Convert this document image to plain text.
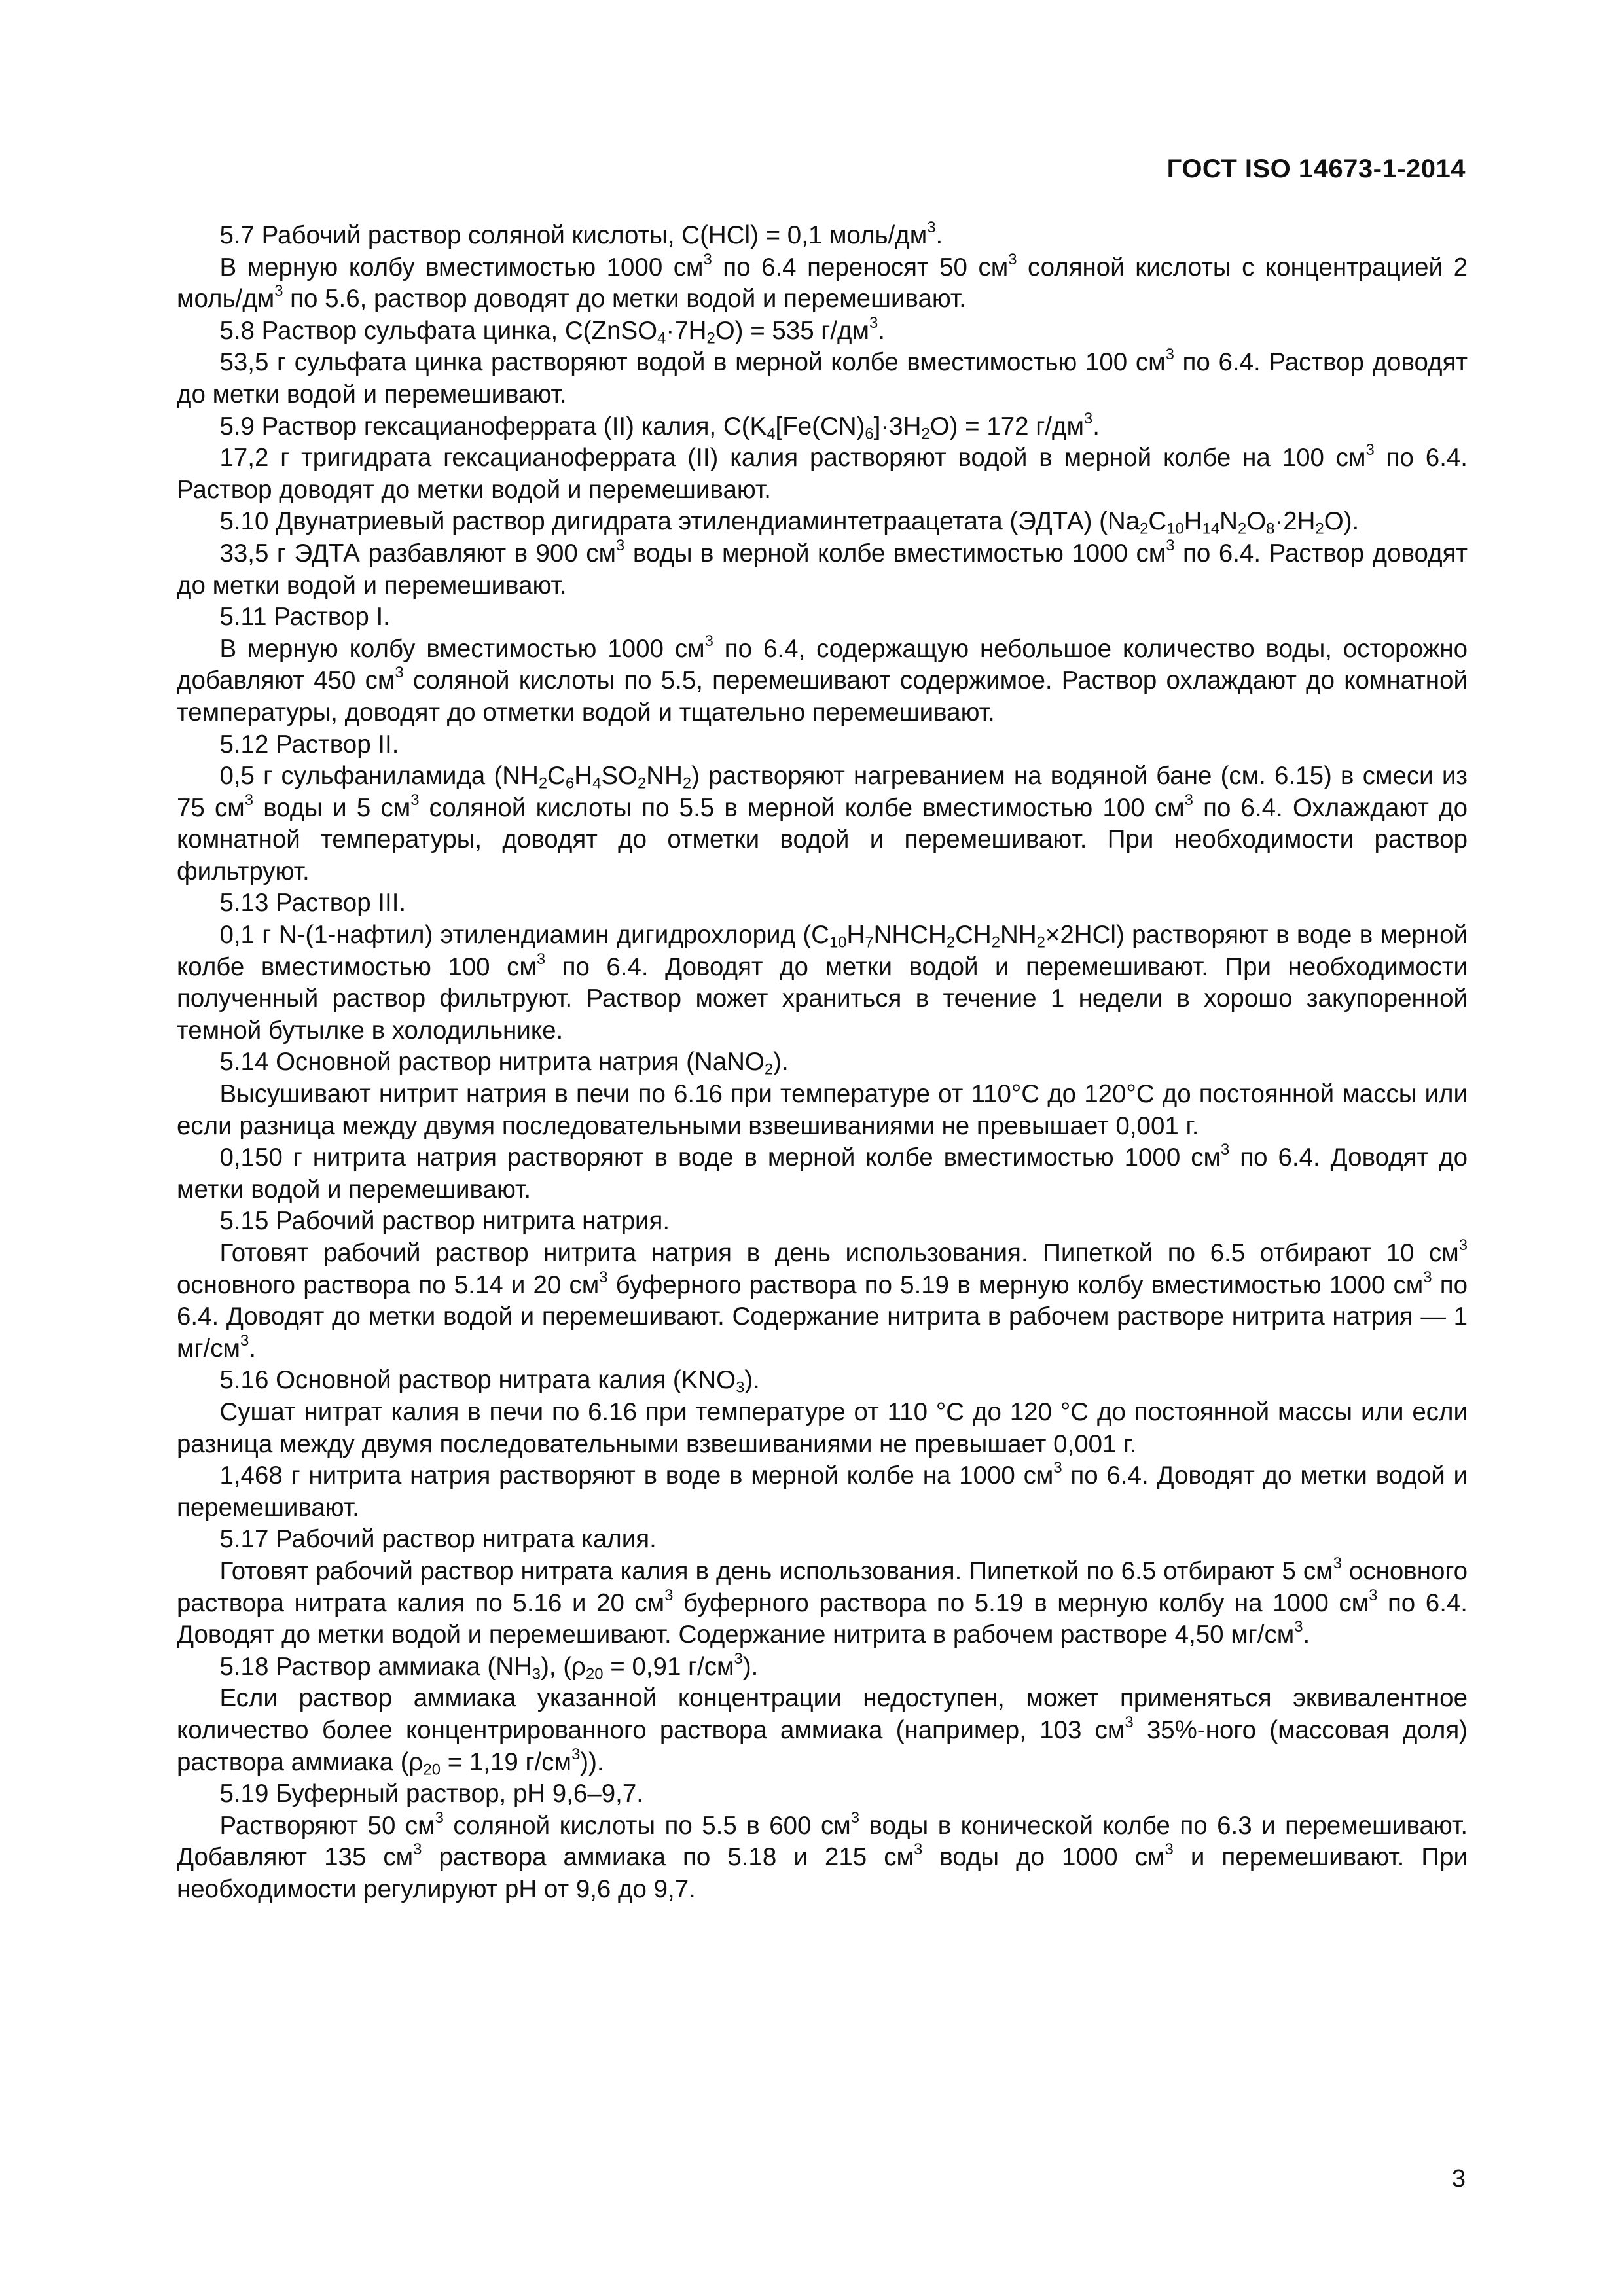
ГОСТ ISO 14673-1-2014

5.7 Рабочий раствор соляной кислоты, C(HCl) = 0,1 моль/$дм^3$.

В мерную колбу вместимостью 1000 $см^3$ по 6.4 переносят 50 $см^3$ соляной кислоты с концентрацией 2 моль/$дм^3$ по 5.6, раствор доводят до метки водой и перемешивают.

5.8 Раствор сульфата цинка, $C(ZnSO_4\cdot 7H_2O) = 535$ $г/дм^3$.

53,5 г сульфата цинка растворяют водой в мерной колбе вместимостью 100 $см^3$ по 6.4. Раствор доводят до метки водой и перемешивают.

5.9 Раствор гексацианоферрата (II) калия, $C(K_4[Fe(CN)_6]\cdot 3H_2O) = 172$ $г/дм^3$.

17,2 г тригидрата гексацианоферрата (II) калия растворяют водой в мерной колбе на 100 $см^3$ по 6.4. Раствор доводят до метки водой и перемешивают.

5.10 Двунатриевый раствор дигидрата этилендиаминтетраацетата (ЭДТА) $(Na_2C_{10}H_{14}N_2O_8\cdot 2H_2O)$.

33,5 г ЭДТА разбавляют в 900 $см^3$ воды в мерной колбе вместимостью 1000 $см^3$ по 6.4. Раствор доводят до метки водой и перемешивают.

5.11 Раствор I.

В мерную колбу вместимостью 1000 $см^3$ по 6.4, содержащую небольшое количество воды, осторожно добавляют 450 $см^3$ соляной кислоты по 5.5, перемешивают содержимое. Раствор охлаждают до комнатной температуры, доводят до отметки водой и тщательно перемешивают.

5.12 Раствор II.

0,5 г сульфаниламида $(NH_2C_6H_4SO_2NH_2)$ растворяют нагреванием на водяной бане (см. 6.15) в смеси из 75 $см^3$ воды и 5 $см^3$ соляной кислоты по 5.5 в мерной колбе вместимостью 100 $см^3$ по 6.4. Охлаждают до комнатной температуры, доводят до отметки водой и перемешивают. При необходимости раствор фильтруют.

5.13 Раствор III.

0,1 г N-(1-нафтил) этилендиамин дигидрохлорид $(C_{10}H_7NHCH_2CH_2NH_2\times 2HCl)$ растворяют в воде в мерной колбе вместимостью 100 $см^3$ по 6.4. Доводят до метки водой и перемешивают. При необходимости полученный раствор фильтруют. Раствор может храниться в течение 1 недели в хорошо закупоренной темной бутылке в холодильнике.

5.14 Основной раствор нитрита натрия (NaNO$_2$).

Высушивают нитрит натрия в печи по 6.16 при температуре от 110°С до 120°С до постоянной массы или если разница между двумя последовательными взвешиваниями не превышает 0,001 г.

0,150 г нитрита натрия растворяют в воде в мерной колбе вместимостью 1000 $см^3$ по 6.4. Доводят до метки водой и перемешивают.

5.15 Рабочий раствор нитрита натрия.

Готовят рабочий раствор нитрита натрия в день использования. Пипеткой по 6.5 отбирают 10 $см^3$ основного раствора по 5.14 и 20 $см^3$ буферного раствора по 5.19 в мерную колбу вместимостью 1000 $см^3$ по 6.4. Доводят до метки водой и перемешивают. Содержание нитрита в рабочем растворе нитрита натрия — 1 $мг/см^3$.

5.16 Основной раствор нитрата калия $(KNO_3)$.

Сушат нитрат калия в печи по 6.16 при температуре от 110 °С до 120 °С до постоянной массы или если разница между двумя последовательными взвешиваниями не превышает 0,001 г.

1,468 г нитрита натрия растворяют в воде в мерной колбе на 1000 $см^3$ по 6.4. Доводят до метки водой и перемешивают.

5.17 Рабочий раствор нитрата калия.

Готовят рабочий раствор нитрата калия в день использования. Пипеткой по 6.5 отбирают 5 $см^3$ основного раствора нитрата калия по 5.16 и 20 $см^3$ буферного раствора по 5.19 в мерную колбу на 1000 $см^3$ по 6.4. Доводят до метки водой и перемешивают. Содержание нитрита в рабочем растворе 4,50 $мг/см^3$.

5.18 Раствор аммиака $(NH_3)$, ($\rho_{20} = 0,91$ $г/см^3$).

Если раствор аммиака указанной концентрации недоступен, может применяться эквивалентное количество более концентрированного раствора аммиака (например, 103 $см^3$ 35%-ного (массовая доля) раствора аммиака ($\rho_{20} = 1,19$ $г/см^3$)).

5.19 Буферный раствор, pH 9,6–9,7.

Растворяют 50 $см^3$ соляной кислоты по 5.5 в 600 $см^3$ воды в конической колбе по 6.3 и перемешивают. Добавляют 135 $см^3$ раствора аммиака по 5.18 и 215 $см^3$ воды до 1000 $см^3$ и перемешивают. При необходимости регулируют pH от 9,6 до 9,7.

3
